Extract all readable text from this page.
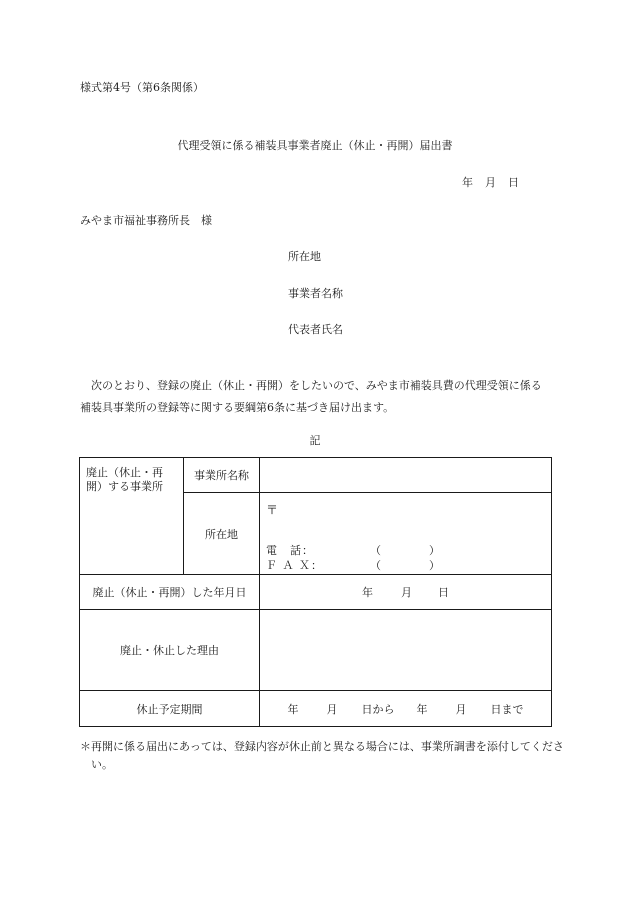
様式第4号（第6条関係）
代理受領に係る補装具事業者廃止（休止・再開）届出書
年 月 日
みやま市福祉事務所長　様
所在地
事業者名称
代表者氏名
次のとおり、登録の廃止（休止・再開）をしたいので、みやま市補装具費の代理受領に係る補装具事業所の登録等に関する要綱第6条に基づき届け出ます。
記
廃止（休止・再開）する事業所	事業所名称	
	所在地	〒
電　話： （ ）
Ｆ Ａ Ｘ： （ ）

廃止（休止・再開）した年月日		年 月 日
廃止・休止した理由		
休止予定期間		年 月 日から 年 月 日まで
＊再開に係る届出にあっては、登録内容が休止前と異なる場合には、事業所調書を添付してください。
